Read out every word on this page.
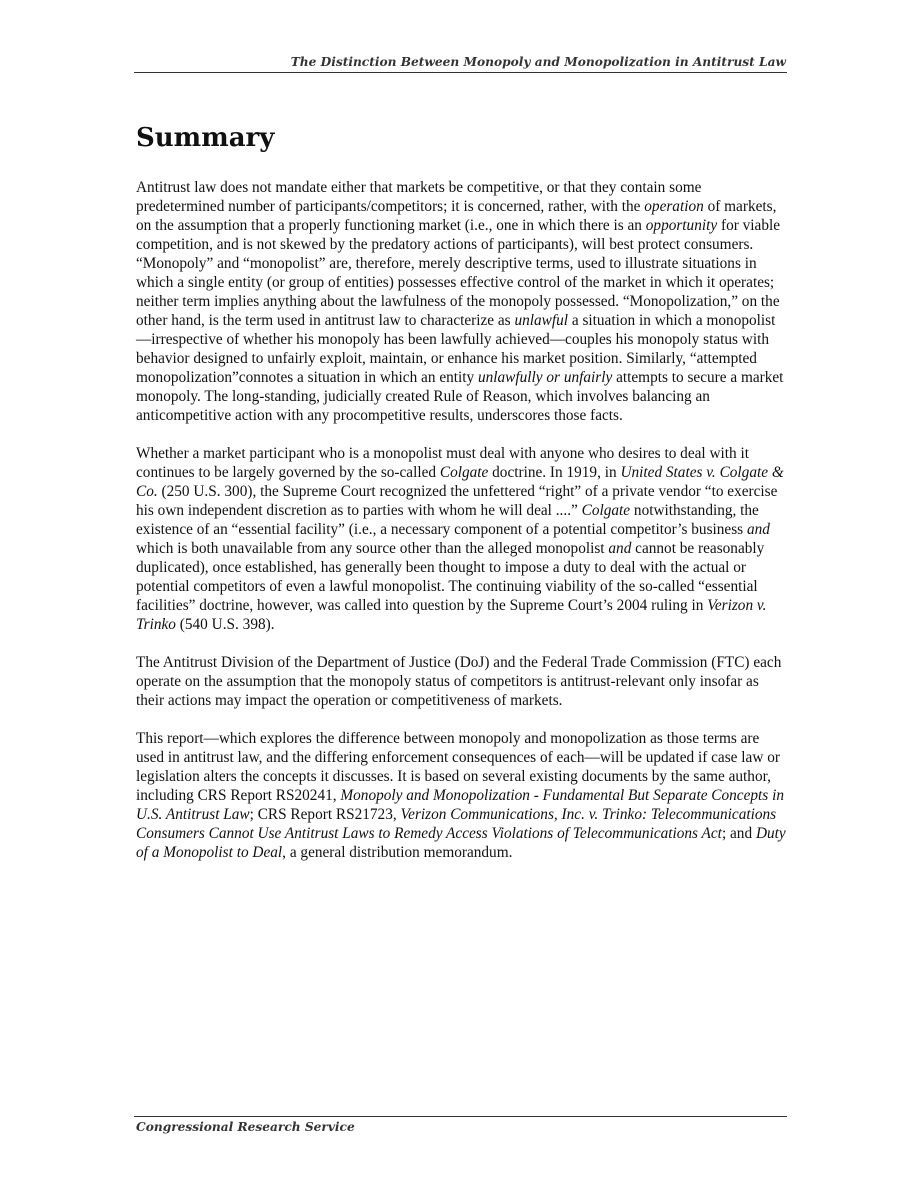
The Distinction Between Monopoly and Monopolization in Antitrust Law
Summary

Antitrust law does not mandate either that markets be competitive, or that they contain some predetermined number of participants/competitors; it is concerned, rather, with the operation of markets, on the assumption that a properly functioning market (i.e., one in which there is an opportunity for viable competition, and is not skewed by the predatory actions of participants), will best protect consumers. “Monopoly” and “monopolist” are, therefore, merely descriptive terms, used to illustrate situations in which a single entity (or group of entities) possesses effective control of the market in which it operates; neither term implies anything about the lawfulness of the monopoly possessed. “Monopolization,” on the other hand, is the term used in antitrust law to characterize as unlawful a situation in which a monopolist—irrespective of whether his monopoly has been lawfully achieved—couples his monopoly status with behavior designed to unfairly exploit, maintain, or enhance his market position. Similarly, “attempted monopolization”connotes a situation in which an entity unlawfully or unfairly attempts to secure a market monopoly. The long-standing, judicially created Rule of Reason, which involves balancing an anticompetitive action with any procompetitive results, underscores those facts.

Whether a market participant who is a monopolist must deal with anyone who desires to deal with it continues to be largely governed by the so-called Colgate doctrine. In 1919, in United States v. Colgate & Co. (250 U.S. 300), the Supreme Court recognized the unfettered “right” of a private vendor “to exercise his own independent discretion as to parties with whom he will deal ....” Colgate notwithstanding, the existence of an “essential facility” (i.e., a necessary component of a potential competitor’s business and which is both unavailable from any source other than the alleged monopolist and cannot be reasonably duplicated), once established, has generally been thought to impose a duty to deal with the actual or potential competitors of even a lawful monopolist. The continuing viability of the so-called “essential facilities” doctrine, however, was called into question by the Supreme Court’s 2004 ruling in Verizon v. Trinko (540 U.S. 398).

The Antitrust Division of the Department of Justice (DoJ) and the Federal Trade Commission (FTC) each operate on the assumption that the monopoly status of competitors is antitrust-relevant only insofar as their actions may impact the operation or competitiveness of markets.

This report—which explores the difference between monopoly and monopolization as those terms are used in antitrust law, and the differing enforcement consequences of each—will be updated if case law or legislation alters the concepts it discusses. It is based on several existing documents by the same author, including CRS Report RS20241, Monopoly and Monopolization - Fundamental But Separate Concepts in U.S. Antitrust Law; CRS Report RS21723, Verizon Communications, Inc. v. Trinko: Telecommunications Consumers Cannot Use Antitrust Laws to Remedy Access Violations of Telecommunications Act; and Duty of a Monopolist to Deal, a general distribution memorandum.

Congressional Research Service
